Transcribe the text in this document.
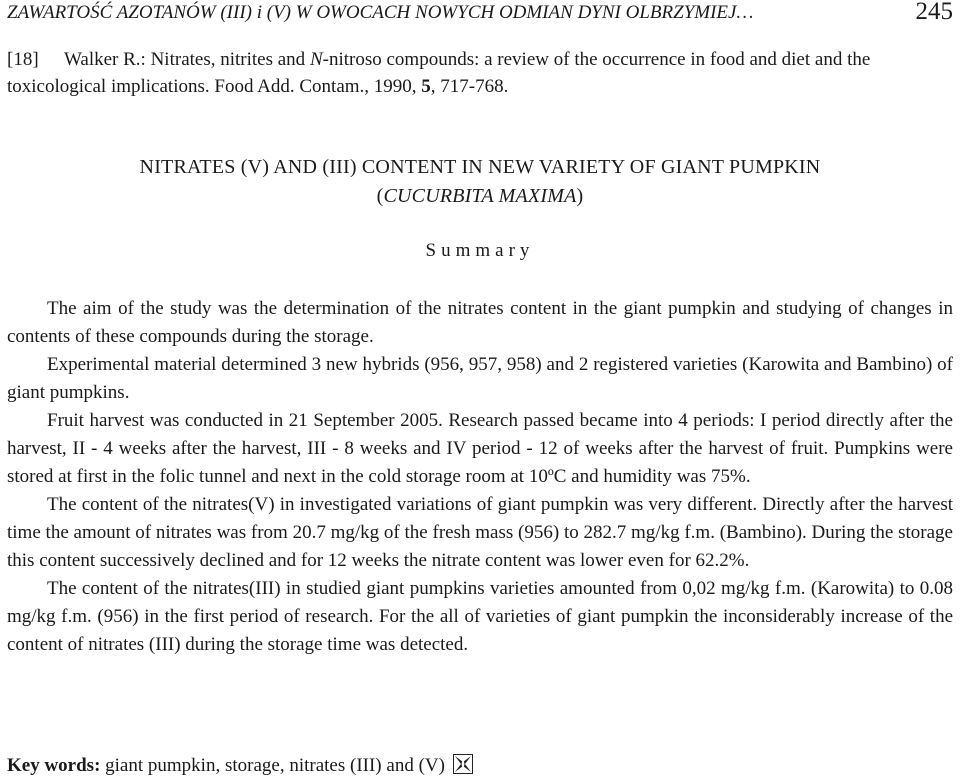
ZAWARTOŚĆ AZOTANÓW (III) i (V) W OWOCACH NOWYCH ODMIAN DYNI OLBRZYMIEJ…	245
[18] Walker R.: Nitrates, nitrites and N-nitroso compounds: a review of the occurrence in food and diet and the toxicological implications. Food Add. Contam., 1990, 5, 717-768.
NITRATES (V) AND (III) CONTENT IN NEW VARIETY OF GIANT PUMPKIN
(CUCURBITA MAXIMA)
Summary

The aim of the study was the determination of the nitrates content in the giant pumpkin and studying of changes in contents of these compounds during the storage.

Experimental material determined 3 new hybrids (956, 957, 958) and 2 registered varieties (Karowita and Bambino) of giant pumpkins.

Fruit harvest was conducted in 21 September 2005. Research passed became into 4 periods: I period directly after the harvest, II - 4 weeks after the harvest, III - 8 weeks and IV period - 12 of weeks after the harvest of fruit. Pumpkins were stored at first in the folic tunnel and next in the cold storage room at 10ºC and humidity was 75%.

The content of the nitrates(V) in investigated variations of giant pumpkin was very different. Directly after the harvest time the amount of nitrates was from 20.7 mg/kg of the fresh mass (956) to 282.7 mg/kg f.m. (Bambino). During the storage this content successively declined and for 12 weeks the nitrate content was lower even for 62.2%.

The content of the nitrates(III) in studied giant pumpkins varieties amounted from 0,02 mg/kg f.m. (Karowita) to 0.08 mg/kg f.m. (956) in the first period of research. For the all of varieties of giant pumpkin the inconsiderably increase of the content of nitrates (III) during the storage time was detected.

Key words: giant pumpkin, storage, nitrates (III) and (V)
